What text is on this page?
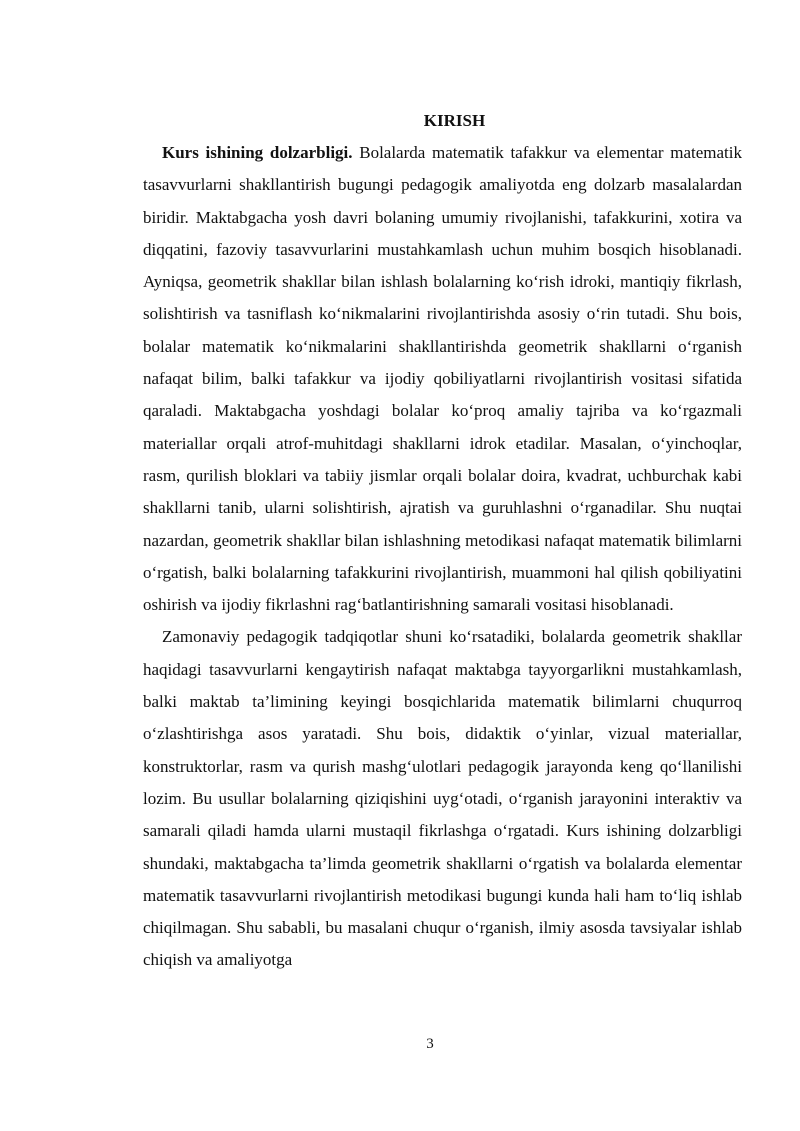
KIRISH

Kurs ishining dolzarbligi. Bolalarda matematik tafakkur va elementar matematik tasavvurlarni shakllantirish bugungi pedagogik amaliyotda eng dolzarb masalalardan biridir. Maktabgacha yosh davri bolaning umumiy rivojlanishi, tafakkurini, xotira va diqqatini, fazoviy tasavvurlarini mustahkamlash uchun muhim bosqich hisoblanadi. Ayniqsa, geometrik shakllar bilan ishlash bolalarning ko‘rish idroki, mantiqiy fikrlash, solishtirish va tasniflash ko‘nikmalarini rivojlantirishda asosiy o‘rin tutadi. Shu bois, bolalar matematik ko‘nikmalarini shakllantirishda geometrik shakllarni o‘rganish nafaqat bilim, balki tafakkur va ijodiy qobiliyatlarni rivojlantirish vositasi sifatida qaraladi. Maktabgacha yoshdagi bolalar ko‘proq amaliy tajriba va ko‘rgazmali materiallar orqali atrof-muhitdagi shakllarni idrok etadilar. Masalan, o‘yinchoqlar, rasm, qurilish bloklari va tabiiy jismlar orqali bolalar doira, kvadrat, uchburchak kabi shakllarni tanib, ularni solishtirish, ajratish va guruhlashni o‘rganadilar. Shu nuqtai nazardan, geometrik shakllar bilan ishlashning metodikasi nafaqat matematik bilimlarni o‘rgatish, balki bolalarning tafakkurini rivojlantirish, muammoni hal qilish qobiliyatini oshirish va ijodiy fikrlashni rag‘batlantirishning samarali vositasi hisoblanadi.

Zamonaviy pedagogik tadqiqotlar shuni ko‘rsatadiki, bolalarda geometrik shakllar haqidagi tasavvurlarni kengaytirish nafaqat maktabga tayyorgarlikni mustahkamlash, balki maktab ta’limining keyingi bosqichlarida matematik bilimlarni chuqurroq o‘zlashtirishga asos yaratadi. Shu bois, didaktik o‘yinlar, vizual materiallar, konstruktorlar, rasm va qurish mashg‘ulotlari pedagogik jarayonda keng qo‘llanilishi lozim. Bu usullar bolalarning qiziqishini uyg‘otadi, o‘rganish jarayonini interaktiv va samarali qiladi hamda ularni mustaqil fikrlashga o‘rgatadi. Kurs ishining dolzarbligi shundaki, maktabgacha ta’limda geometrik shakllarni o‘rgatish va bolalarda elementar matematik tasavvurlarni rivojlantirish metodikasi bugungi kunda hali ham to‘liq ishlab chiqilmagan. Shu sababli, bu masalani chuqur o‘rganish, ilmiy asosda tavsiyalar ishlab chiqish va amaliyotga

3
